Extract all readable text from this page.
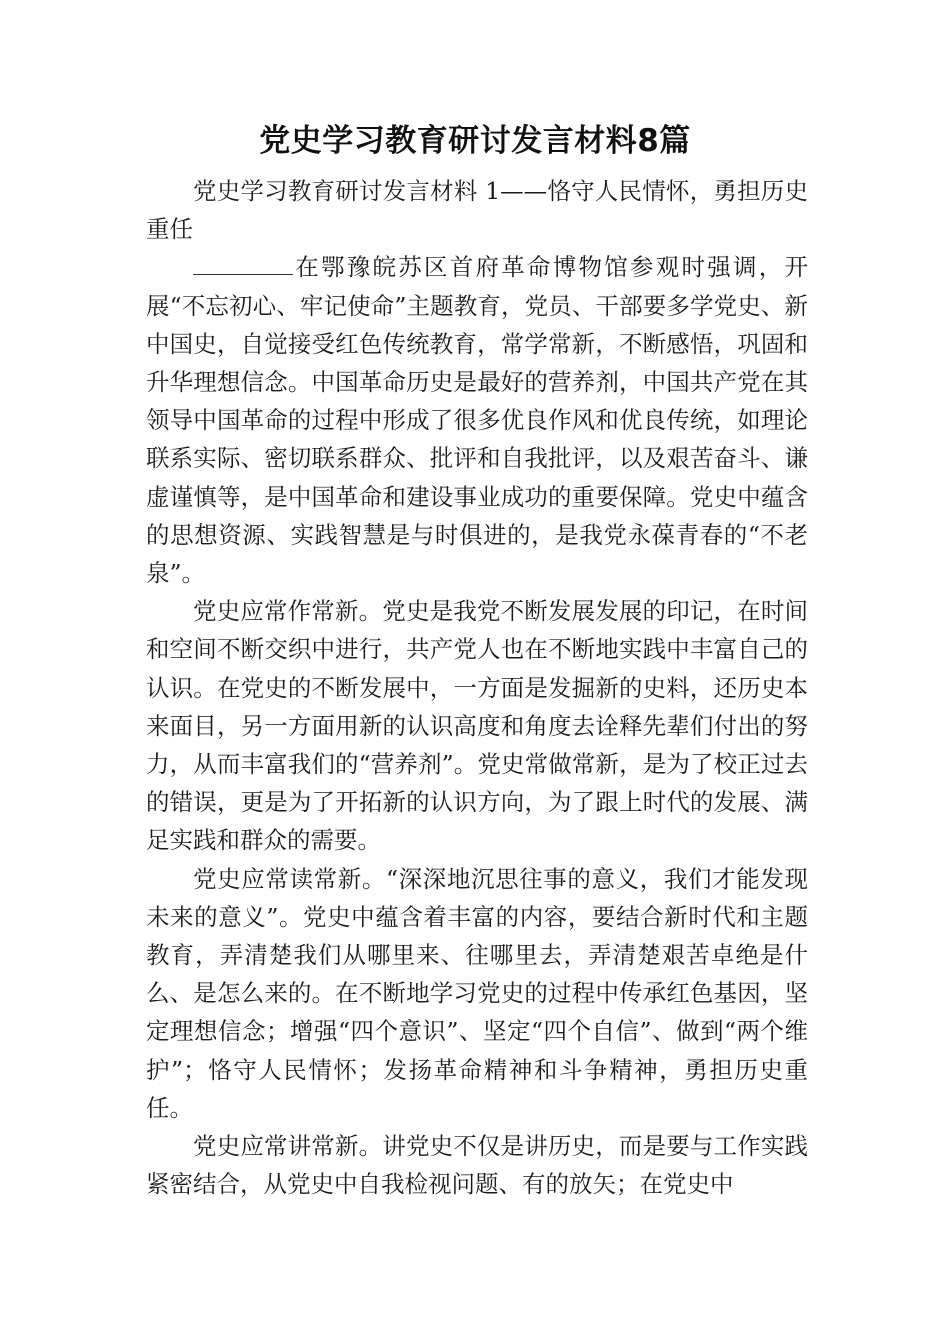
党史学习教育研讨发言材料8篇

党史学习教育研讨发言材料 1——恪守人民情怀，勇担历史重任

在鄂豫皖苏区首府革命博物馆参观时强调，开展“不忘初心、牢记使命”主题教育，党员、干部要多学党史、新中国史，自觉接受红色传统教育，常学常新，不断感悟，巩固和升华理想信念。中国革命历史是最好的营养剂，中国共产党在其领导中国革命的过程中形成了很多优良作风和优良传统，如理论联系实际、密切联系群众、批评和自我批评，以及艰苦奋斗、谦虚谨慎等，是中国革命和建设事业成功的重要保障。党史中蕴含的思想资源、实践智慧是与时俱进的，是我党永葆青春的“不老泉”。

党史应常作常新。党史是我党不断发展发展的印记，在时间和空间不断交织中进行，共产党人也在不断地实践中丰富自己的认识。在党史的不断发展中，一方面是发掘新的史料，还历史本来面目，另一方面用新的认识高度和角度去诠释先辈们付出的努力，从而丰富我们的“营养剂”。党史常做常新，是为了校正过去的错误，更是为了开拓新的认识方向，为了跟上时代的发展、满足实践和群众的需要。

党史应常读常新。“深深地沉思往事的意义，我们才能发现未来的意义”。党史中蕴含着丰富的内容，要结合新时代和主题教育，弄清楚我们从哪里来、往哪里去，弄清楚艰苦卓绝是什么、是怎么来的。在不断地学习党史的过程中传承红色基因，坚定理想信念；增强“四个意识”、坚定“四个自信”、做到“两个维护”；恪守人民情怀；发扬革命精神和斗争精神，勇担历史重任。

党史应常讲常新。讲党史不仅是讲历史，而是要与工作实践紧密结合，从党史中自我检视问题、有的放矢；在党史中
